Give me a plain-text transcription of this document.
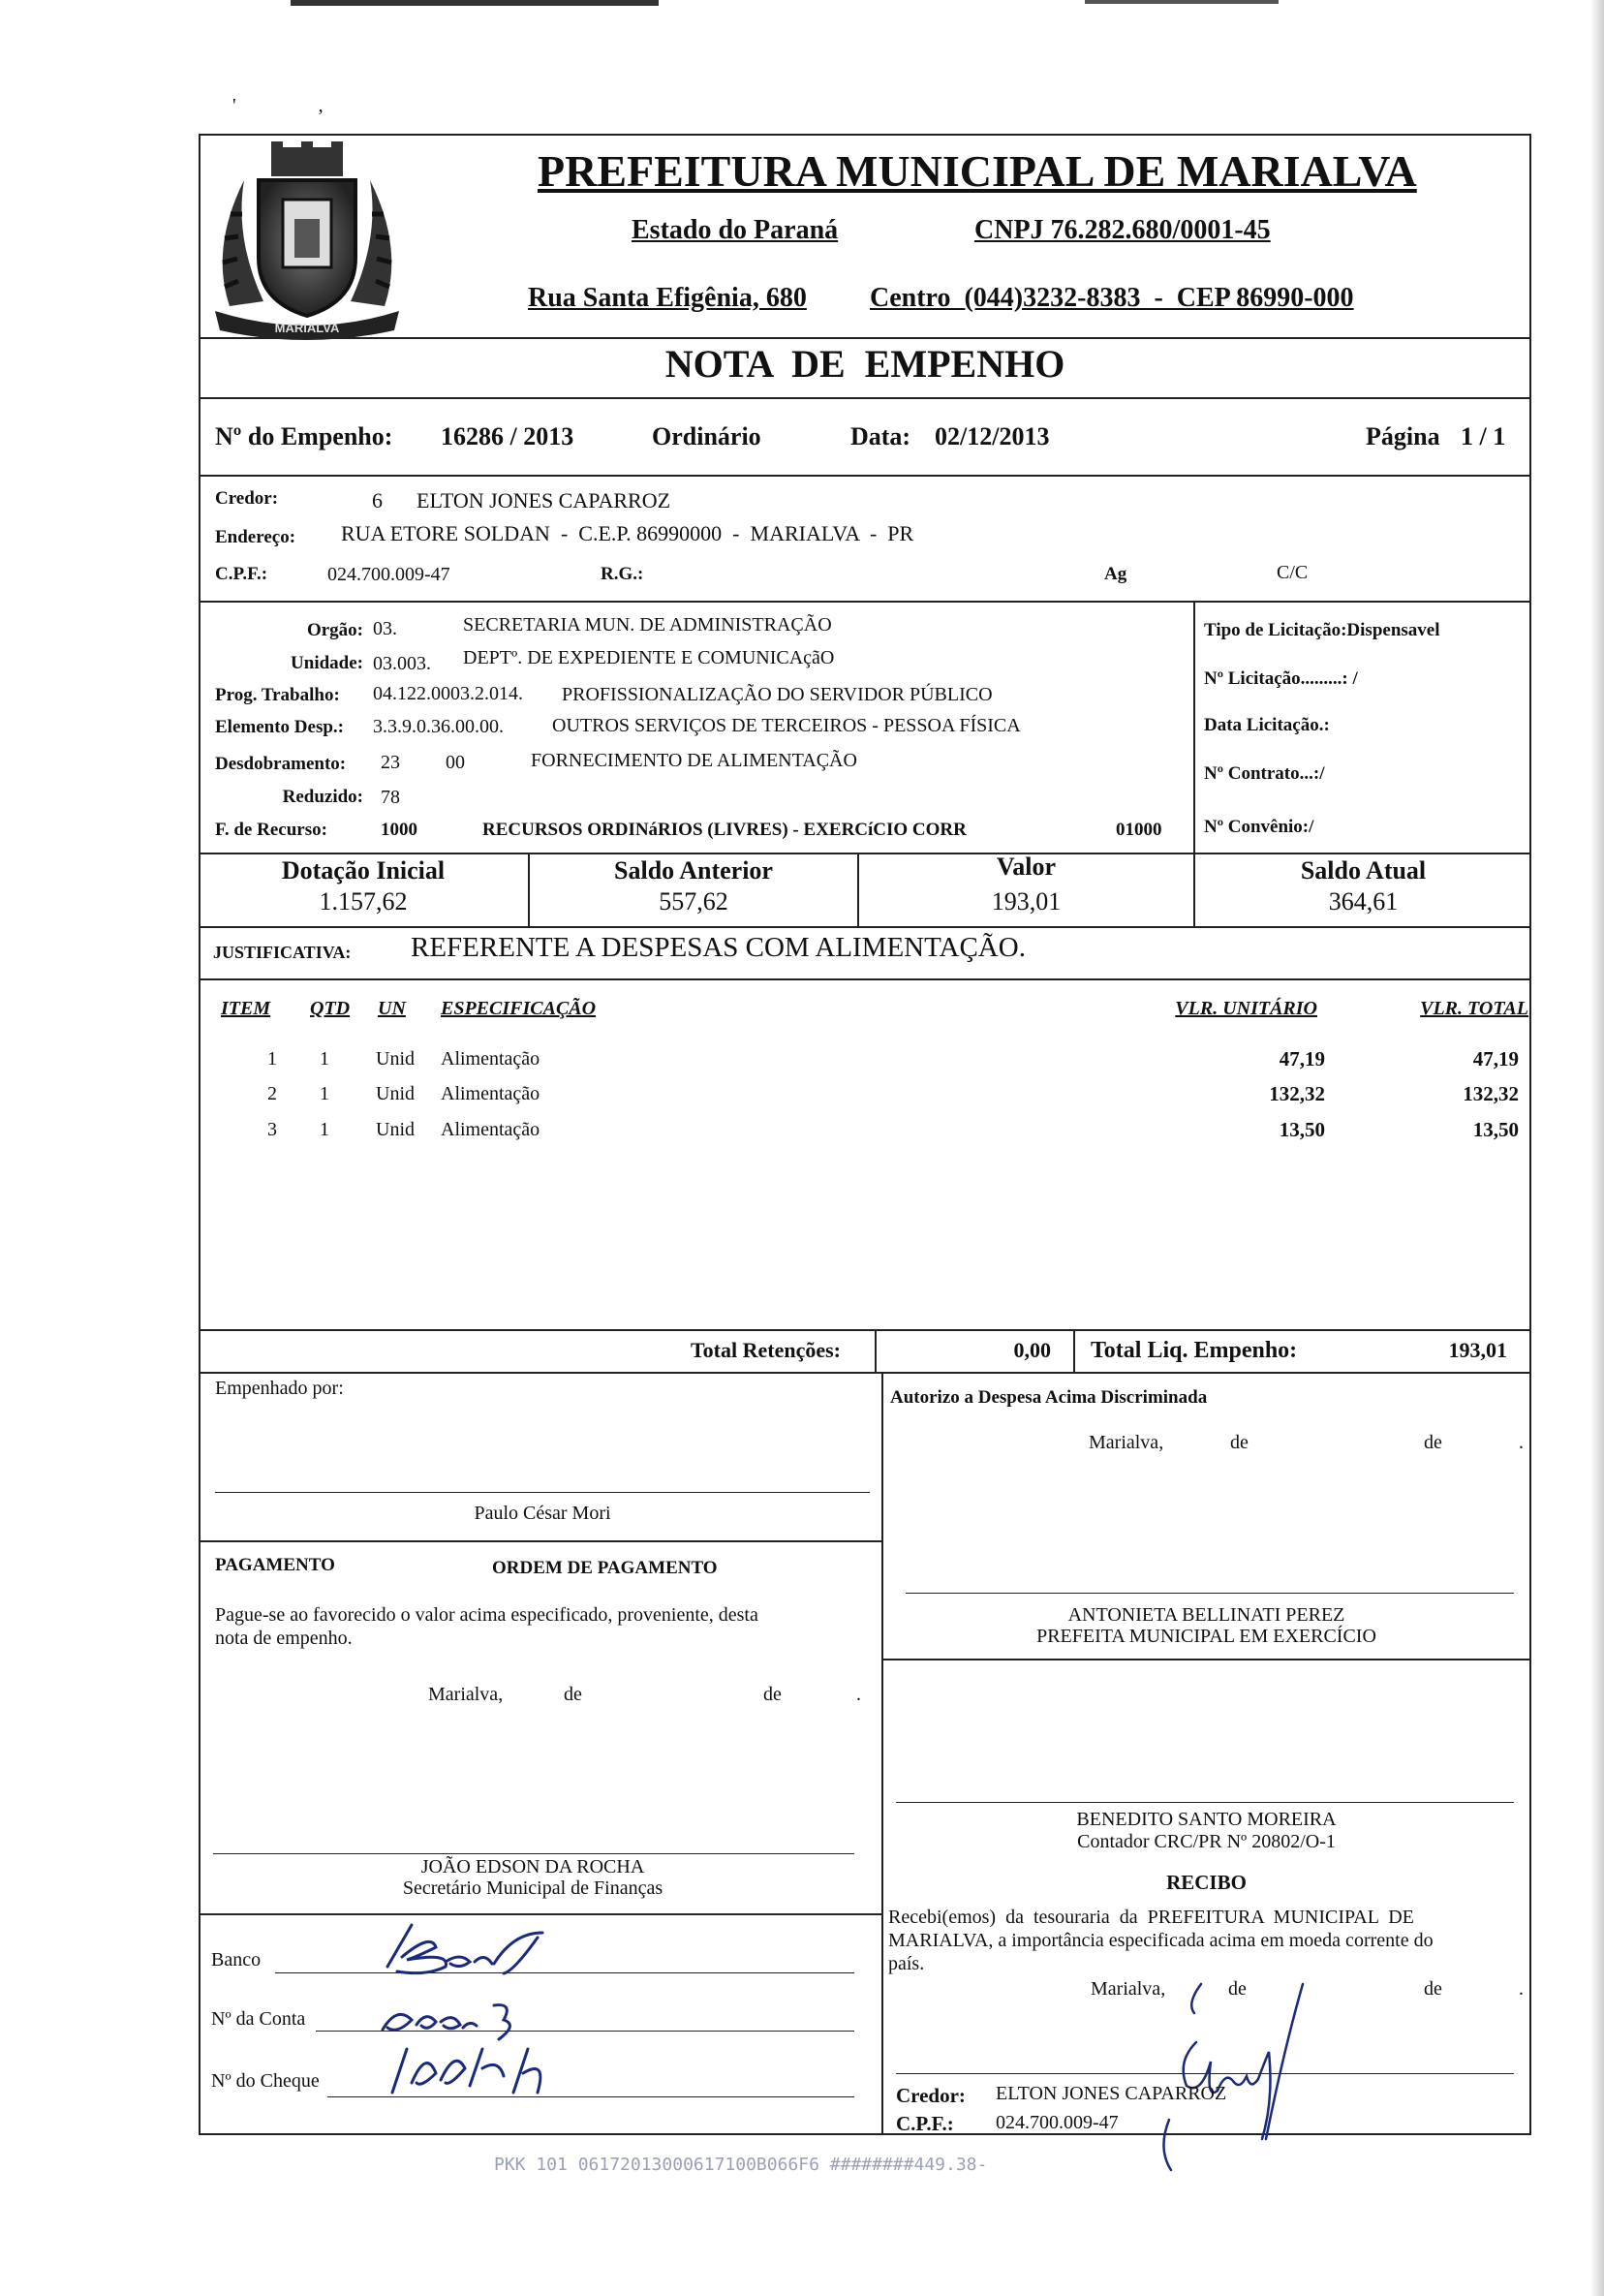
' ,
MARIALVA
PREFEITURA MUNICIPAL DE MARIALVA
Estado do Paraná	CNPJ 76.282.680/0001-45
Rua Santa Efigênia, 680 Centro  (044)3232-8383  -  CEP 86990-000
NOTA  DE  EMPENHO
Nº do Empenho: 16286 / 2013	Ordinário	Data: 02/12/2013	Página 1 / 1
Credor:	6 ELTON JONES CAPARROZ
Endereço: RUA ETORE SOLDAN  -  C.E.P. 86990000  -  MARIALVA  -  PR
C.P.F.:	024.700.009-47	R.G.:	Ag	C/C
Orgão: 03.	SECRETARIA MUN. DE ADMINISTRAÇÃO
Unidade: 03.003. DEPTº. DE EXPEDIENTE E COMUNICAçãO
Prog. Trabalho: 04.122.0003.2.014. PROFISSIONALIZAÇÃO DO SERVIDOR PÚBLICO
Elemento Desp.: 3.3.9.0.36.00.00.	OUTROS SERVIÇOS DE TERCEIROS - PESSOA FÍSICA
Desdobramento: 23 00	FORNECIMENTO DE ALIMENTAÇÃO
Reduzido: 78
F. de Recurso:	1000	RECURSOS ORDINáRIOS (LIVRES) - EXERCíCIO CORR	01000
Tipo de Licitação:Dispensavel
Nº Licitação.........: /
Data Licitação.:
Nº Contrato...:/
Nº Convênio:/
Dotação Inicial
1.157,62
Saldo Anterior
557,62
Valor
193,01
Saldo Atual
364,61
JUSTIFICATIVA: REFERENTE A DESPESAS COM ALIMENTAÇÃO.
ITEM QTD UN ESPECIFICAÇÃO	VLR. UNITÁRIO	VLR. TOTAL
1 1 Unid Alimentação	47,19	47,19
2 1 Unid Alimentação	132,32	132,32
3 1 Unid Alimentação	13,50	13,50
Total Retenções:	0,00 Total Liq. Empenho:	193,01
Empenhado por:
Paulo César Mori
Autorizo a Despesa Acima Discriminada
Marialva,	de	de	.
ANTONIETA BELLINATI PEREZ
PREFEITA MUNICIPAL EM EXERCÍCIO
PAGAMENTO	ORDEM DE PAGAMENTO
Pague-se ao favorecido o valor acima especificado, proveniente, desta
nota de empenho.
Marialva,	de	de	.
JOÃO EDSON DA ROCHA
Secretário Municipal de Finanças
Banco
Nº da Conta
Nº do Cheque
BENEDITO SANTO MOREIRA
Contador CRC/PR Nº 20802/O-1
RECIBO
Recebi(emos)  da  tesouraria  da  PREFEITURA  MUNICIPAL  DE
MARIALVA, a importância especificada acima em moeda corrente do
país.
Marialva,	de	de	.
Credor: ELTON JONES CAPARROZ
C.P.F.: 024.700.009-47
PKK 101 06172013000617100B066F6 ########449.38-
